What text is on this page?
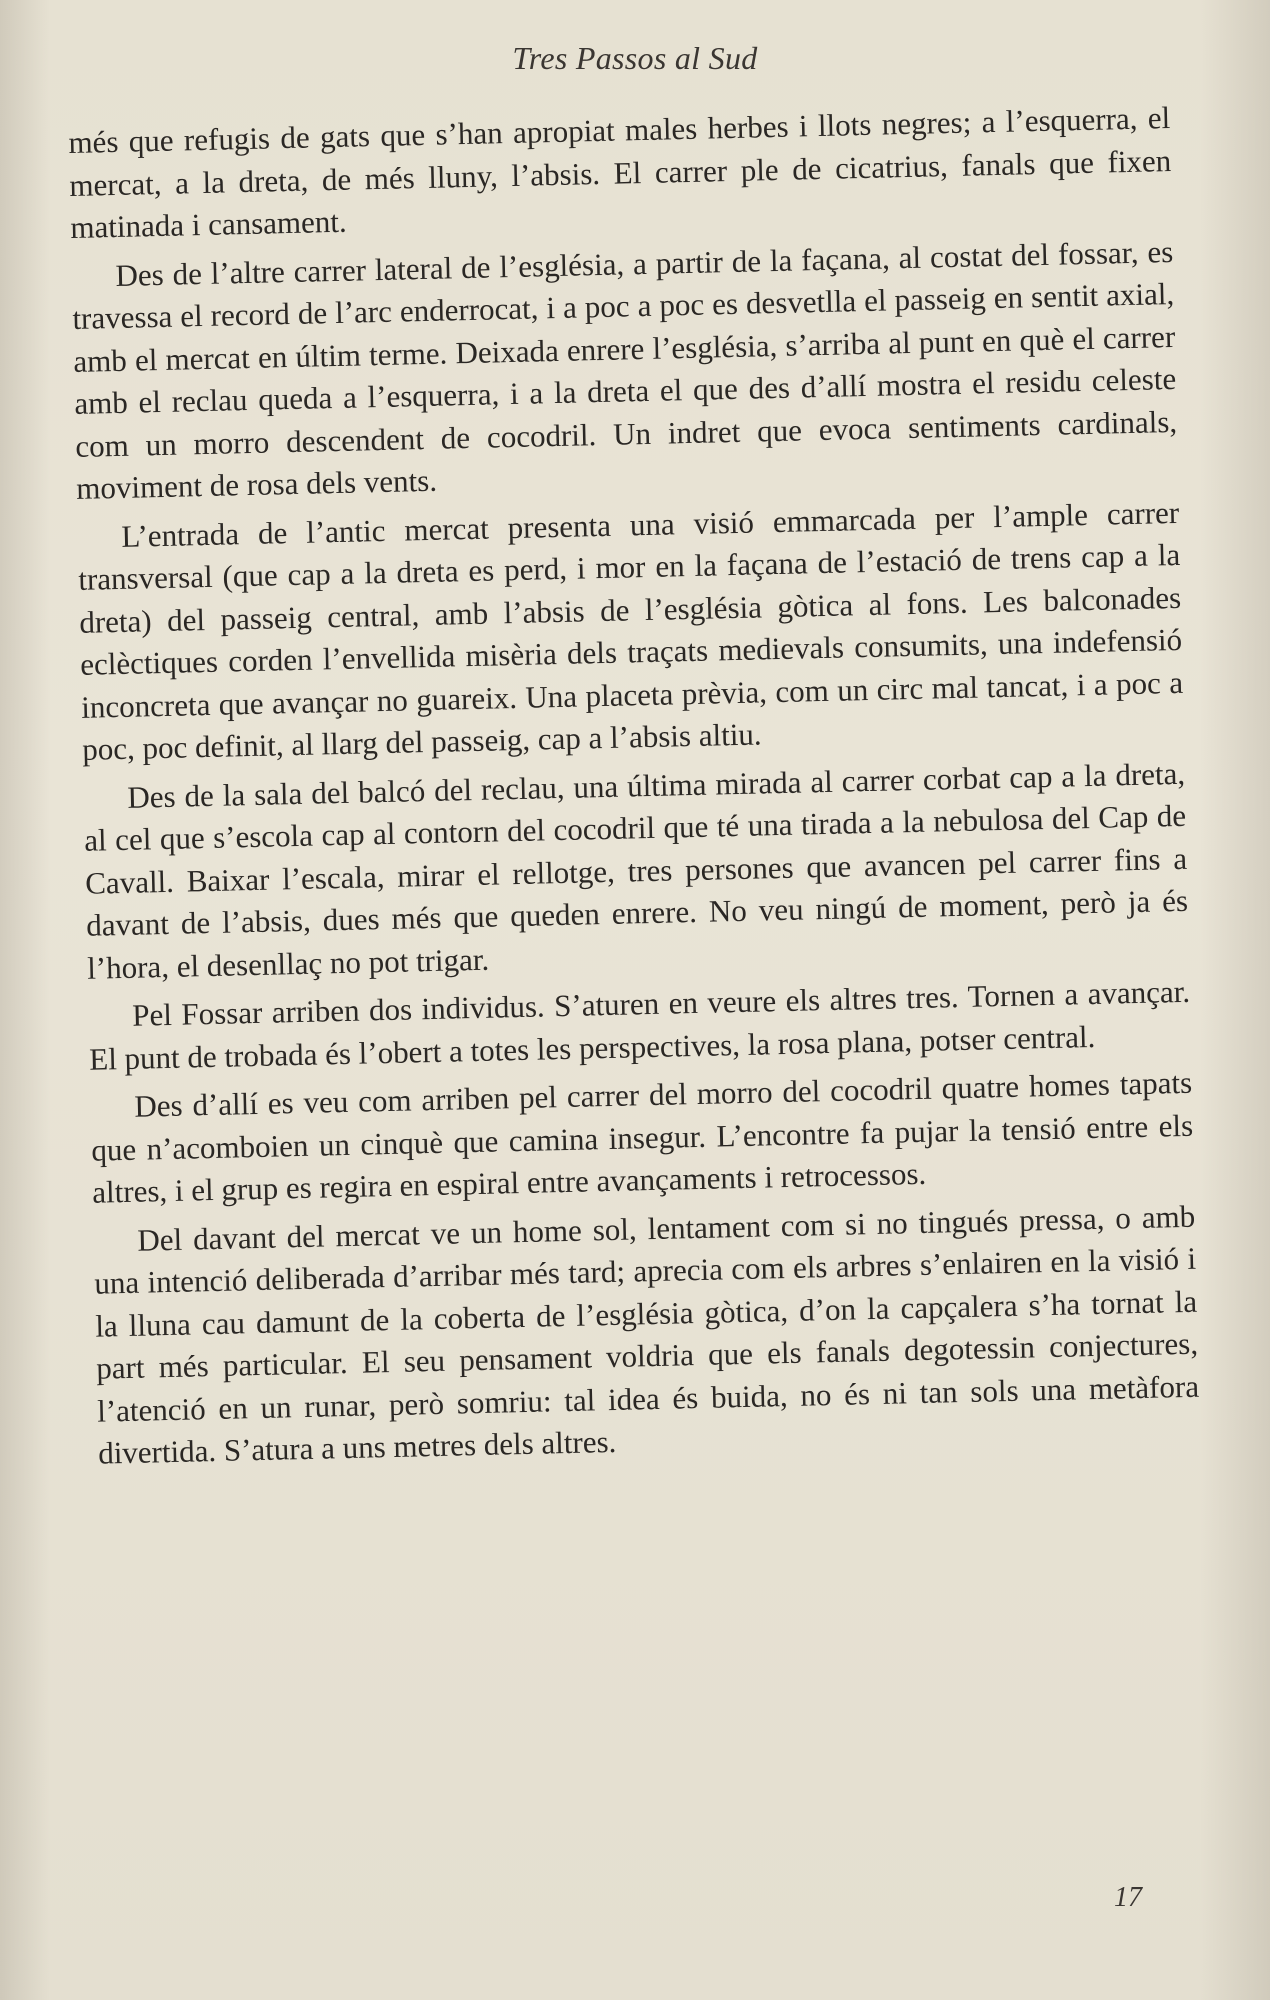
Tres Passos al Sud

més que refugis de gats que s’han apropiat males herbes i llots negres; a l’esquerra, el mercat, a la dreta, de més lluny, l’absis. El carrer ple de cicatrius, fanals que fixen matinada i cansament.

Des de l’altre carrer lateral de l’església, a partir de la façana, al costat del fossar, es travessa el record de l’arc enderrocat, i a poc a poc es desvetlla el passeig en sentit axial, amb el mercat en últim terme. Deixada enrere l’església, s’arriba al punt en què el carrer amb el reclau queda a l’esquerra, i a la dreta el que des d’allí mostra el residu celeste com un morro descendent de cocodril. Un indret que evoca sentiments cardinals, moviment de rosa dels vents.

L’entrada de l’antic mercat presenta una visió emmarcada per l’ample carrer transversal (que cap a la dreta es perd, i mor en la façana de l’estació de trens cap a la dreta) del passeig central, amb l’absis de l’església gòtica al fons. Les balconades eclèctiques corden l’envellida misèria dels traçats medievals consumits, una indefensió inconcreta que avançar no guareix. Una placeta prèvia, com un circ mal tancat, i a poc a poc, poc definit, al llarg del passeig, cap a l’absis altiu.

Des de la sala del balcó del reclau, una última mirada al carrer corbat cap a la dreta, al cel que s’escola cap al contorn del cocodril que té una tirada a la nebulosa del Cap de Cavall. Baixar l’escala, mirar el rellotge, tres persones que avancen pel carrer fins a davant de l’absis, dues més que queden enrere. No veu ningú de moment, però ja és l’hora, el desenllaç no pot trigar.

Pel Fossar arriben dos individus. S’aturen en veure els altres tres. Tornen a avançar. El punt de trobada és l’obert a totes les perspectives, la rosa plana, potser central.

Des d’allí es veu com arriben pel carrer del morro del cocodril quatre homes tapats que n’acomboien un cinquè que camina insegur. L’encontre fa pujar la tensió entre els altres, i el grup es regira en espiral entre avançaments i retrocessos.

Del davant del mercat ve un home sol, lentament com si no tingués pressa, o amb una intenció deliberada d’arribar més tard; aprecia com els arbres s’enlairen en la visió i la lluna cau damunt de la coberta de l’església gòtica, d’on la capçalera s’ha tornat la part més particular. El seu pensament voldria que els fanals degotessin conjectures, l’atenció en un runar, però somriu: tal idea és buida, no és ni tan sols una metàfora divertida. S’atura a uns metres dels altres.

17
